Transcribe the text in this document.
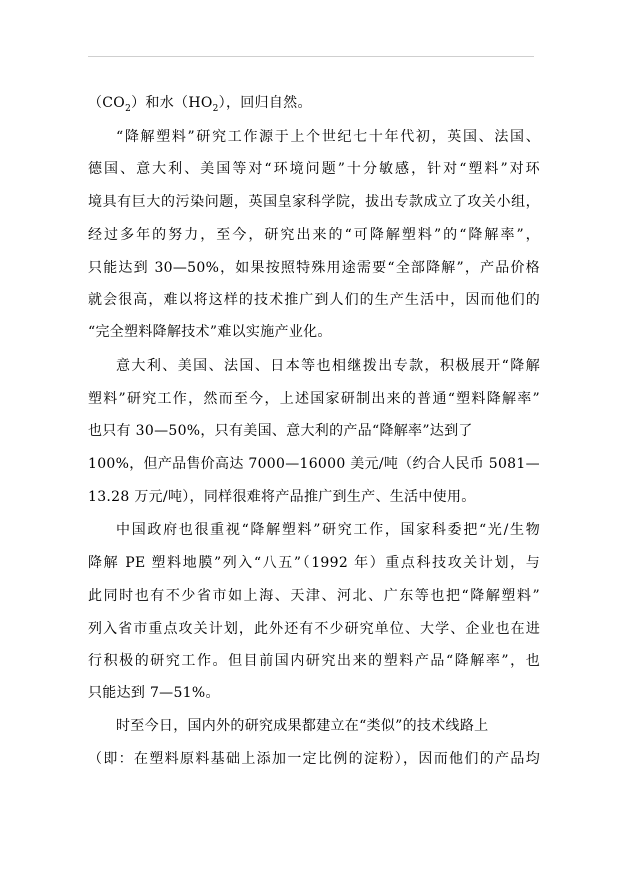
$(CO_2)$和水$(HO_2)$，回归自然。
“降解塑料”研究工作源于上个世纪七十年代初，英国、法国、
德国、意大利、美国等对“环境问题”十分敏感，针对“塑料”对环
境具有巨大的污染问题，英国皇家科学院，拔出专款成立了攻关小组，
经过多年的努力，至今，研究出来的“可降解塑料”的“降解率”，
只能达到 30—50%，如果按照特殊用途需要“全部降解”，产品价格
就会很高，难以将这样的技术推广到人们的生产生活中，因而他们的
“完全塑料降解技术”难以实施产业化。
意大利、美国、法国、日本等也相继拨出专款，积极展开“降解
塑料”研究工作，然而至今，上述国家研制出来的普通“塑料降解率”
也只有 30—50%，只有美国、意大利的产品“降解率”达到了
100%，但产品售价高达 7000—16000 美元/吨（约合人民币 5081—
13.28 万元/吨），同样很难将产品推广到生产、生活中使用。
中国政府也很重视“降解塑料”研究工作，国家科委把“光/生物
降解 PE 塑料地膜”列入“八五”（1992 年）重点科技攻关计划，与
此同时也有不少省市如上海、天津、河北、广东等也把“降解塑料”
列入省市重点攻关计划，此外还有不少研究单位、大学、企业也在进
行积极的研究工作。但目前国内研究出来的塑料产品“降解率”，也
只能达到 7—51%。
时至今日，国内外的研究成果都建立在“类似”的技术线路上
（即：在塑料原料基础上添加一定比例的淀粉），因而他们的产品均
